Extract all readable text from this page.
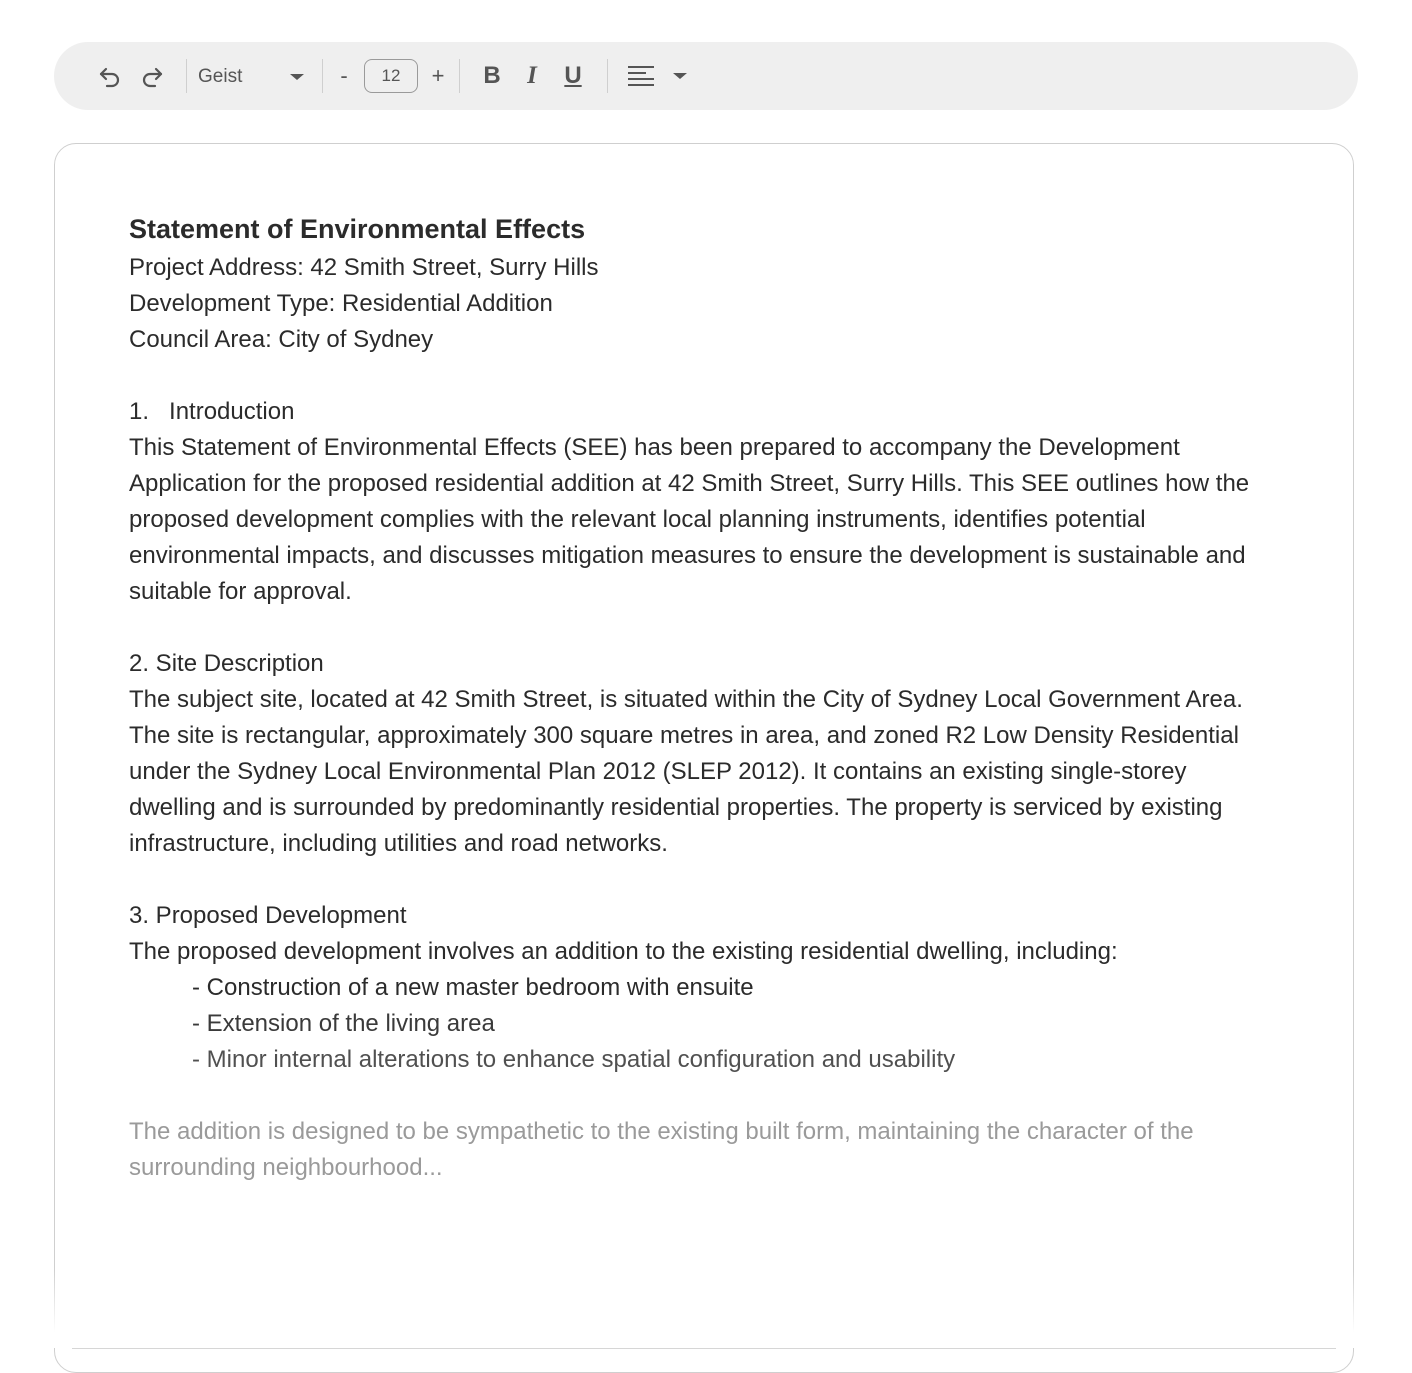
Geist	-	12	+	B	I	U

Statement of Environmental Effects

Project Address: 42 Smith Street, Surry Hills

Development Type: Residential Addition

Council Area: City of Sydney

1.   Introduction

This Statement of Environmental Effects (SEE) has been prepared to accompany the Development Application for the proposed residential addition at 42 Smith Street, Surry Hills. This SEE outlines how the proposed development complies with the relevant local planning instruments, identifies potential environmental impacts, and discusses mitigation measures to ensure the development is sustainable and suitable for approval.

2. Site Description

The subject site, located at 42 Smith Street, is situated within the City of Sydney Local Government Area. The site is rectangular, approximately 300 square metres in area, and zoned R2 Low Density Residential under the Sydney Local Environmental Plan 2012 (SLEP 2012). It contains an existing single-storey dwelling and is surrounded by predominantly residential properties. The property is serviced by existing infrastructure, including utilities and road networks.

3. Proposed Development

The proposed development involves an addition to the existing residential dwelling, including:

- Construction of a new master bedroom with ensuite

- Extension of the living area

- Minor internal alterations to enhance spatial configuration and usability

The addition is designed to be sympathetic to the existing built form, maintaining the character of the surrounding neighbourhood...
